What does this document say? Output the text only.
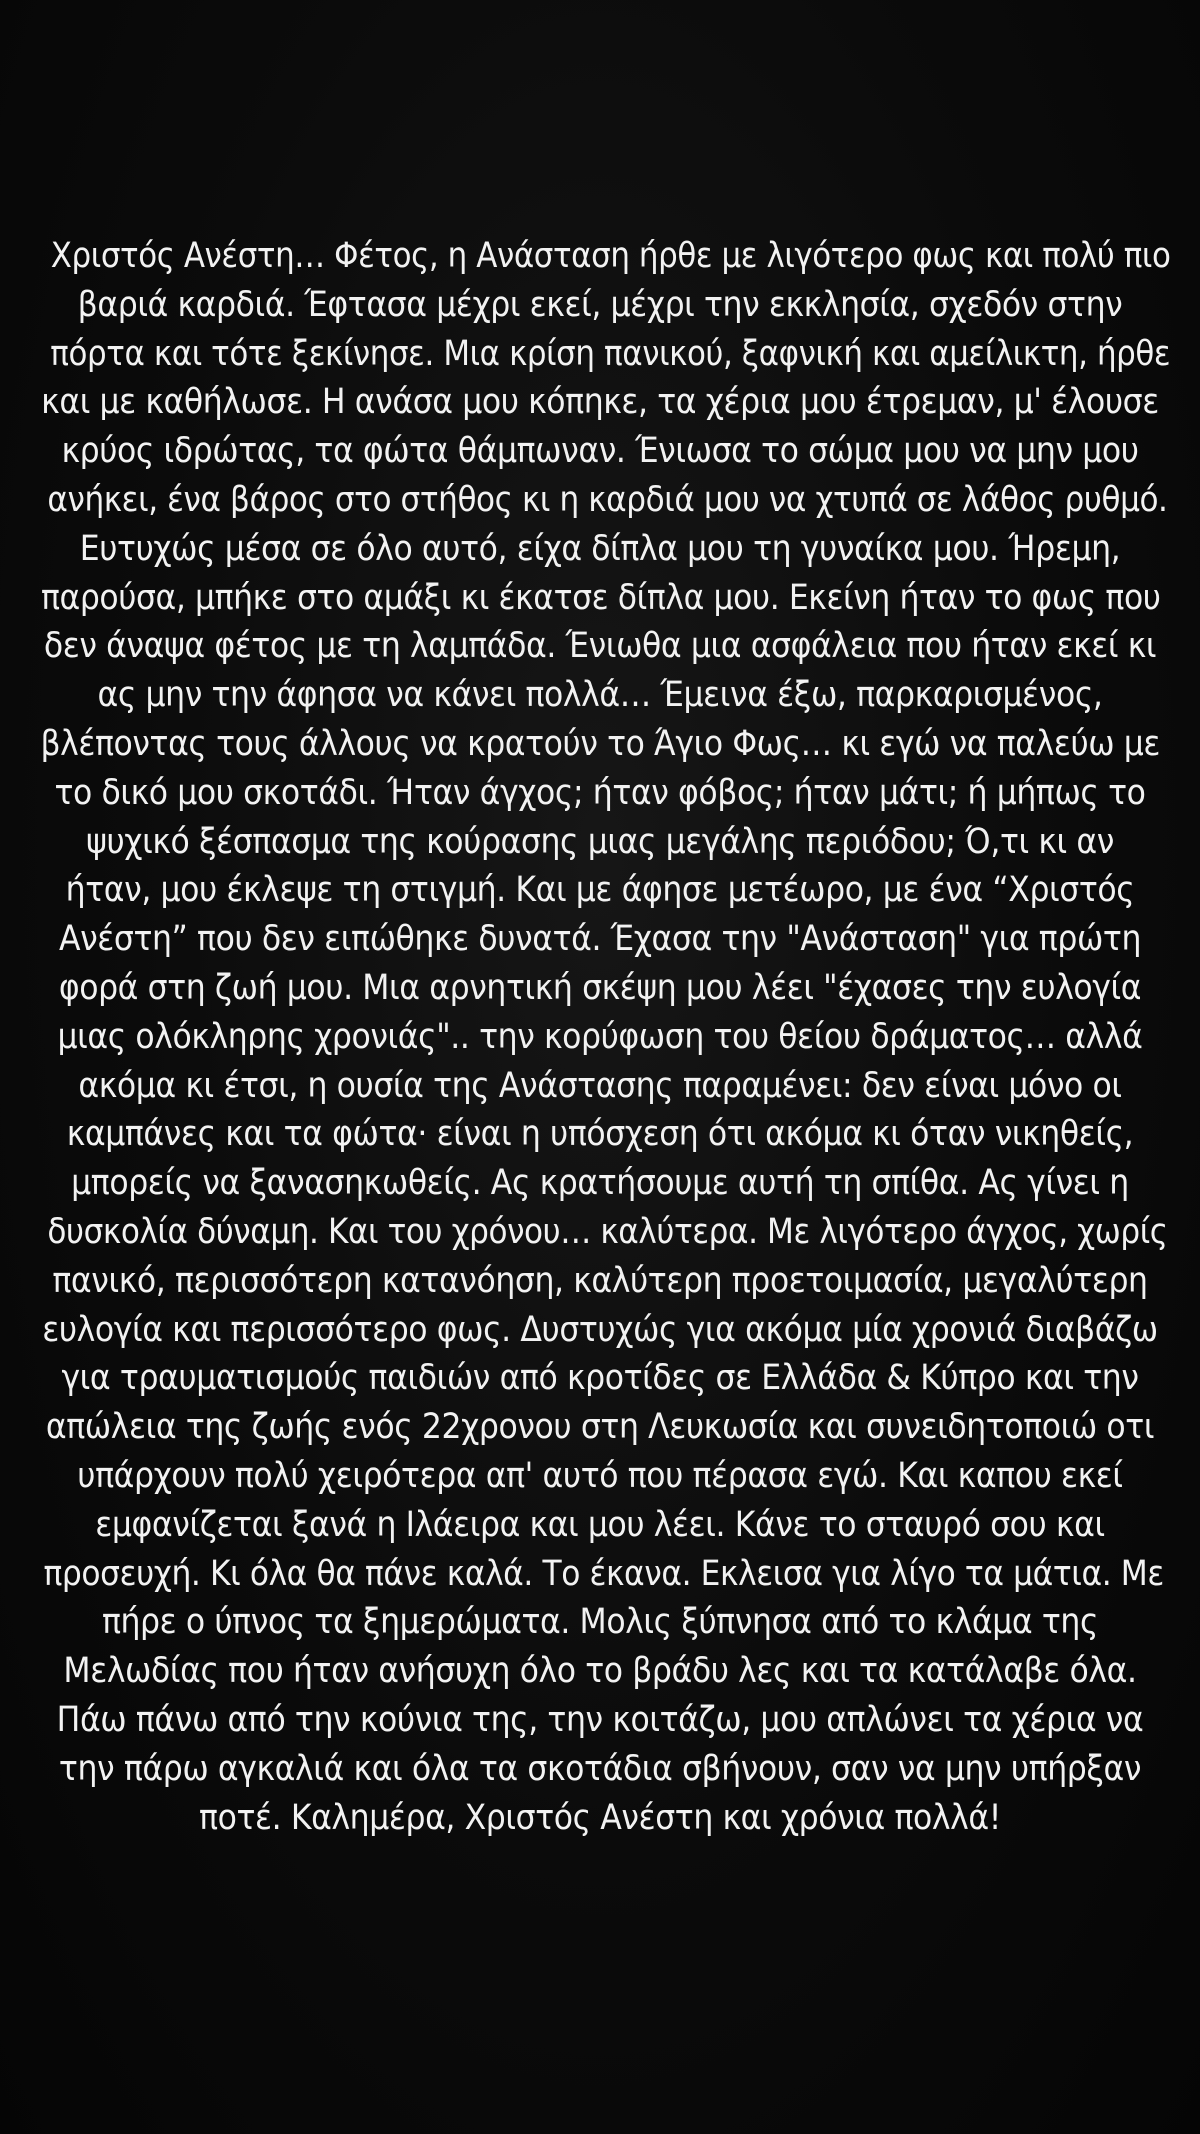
Χριστός Ανέστη… Φέτος, η Ανάσταση ήρθε με λιγότερο φως και πολύ πιο
βαριά καρδιά. Έφτασα μέχρι εκεί, μέχρι την εκκλησία, σχεδόν στην
πόρτα και τότε ξεκίνησε. Μια κρίση πανικού, ξαφνική και αμείλικτη, ήρθε
και με καθήλωσε. Η ανάσα μου κόπηκε, τα χέρια μου έτρεμαν, μ' έλουσε
κρύος ιδρώτας, τα φώτα θάμπωναν. Ένιωσα το σώμα μου να μην μου
ανήκει, ένα βάρος στο στήθος κι η καρδιά μου να χτυπά σε λάθος ρυθμό.
Ευτυχώς μέσα σε όλο αυτό, είχα δίπλα μου τη γυναίκα μου. Ήρεμη,
παρούσα, μπήκε στο αμάξι κι έκατσε δίπλα μου. Εκείνη ήταν το φως που
δεν άναψα φέτος με τη λαμπάδα. Ένιωθα μια ασφάλεια που ήταν εκεί κι
ας μην την άφησα να κάνει πολλά… Έμεινα έξω, παρκαρισμένος,
βλέποντας τους άλλους να κρατούν το Άγιο Φως… κι εγώ να παλεύω με
το δικό μου σκοτάδι. Ήταν άγχος; ήταν φόβος; ήταν μάτι; ή μήπως το
ψυχικό ξέσπασμα της κούρασης μιας μεγάλης περιόδου; Ό,τι κι αν
ήταν, μου έκλεψε τη στιγμή. Και με άφησε μετέωρο, με ένα “Χριστός
Ανέστη” που δεν ειπώθηκε δυνατά. Έχασα την "Ανάσταση" για πρώτη
φορά στη ζωή μου. Μια αρνητική σκέψη μου λέει "έχασες την ευλογία
μιας ολόκληρης χρονιάς".. την κορύφωση του θείου δράματος… αλλά
ακόμα κι έτσι, η ουσία της Ανάστασης παραμένει: δεν είναι μόνο οι
καμπάνες και τα φώτα· είναι η υπόσχεση ότι ακόμα κι όταν νικηθείς,
μπορείς να ξανασηκωθείς. Ας κρατήσουμε αυτή τη σπίθα. Ας γίνει η
δυσκολία δύναμη. Και του χρόνου… καλύτερα. Με λιγότερο άγχος, χωρίς
πανικό, περισσότερη κατανόηση, καλύτερη προετοιμασία, μεγαλύτερη
ευλογία και περισσότερο φως. Δυστυχώς για ακόμα μία χρονιά διαβάζω
για τραυματισμούς παιδιών από κροτίδες σε Ελλάδα & Κύπρο και την
απώλεια της ζωής ενός 22χρονου στη Λευκωσία και συνειδητοποιώ οτι
υπάρχουν πολύ χειρότερα απ' αυτό που πέρασα εγώ. Και καπου εκεί
εμφανίζεται ξανά η Ιλάειρα και μου λέει. Κάνε το σταυρό σου και
προσευχή. Κι όλα θα πάνε καλά. Το έκανα. Εκλεισα για λίγο τα μάτια. Με
πήρε ο ύπνος τα ξημερώματα. Μολις ξύπνησα από το κλάμα της
Μελωδίας που ήταν ανήσυχη όλο το βράδυ λες και τα κατάλαβε όλα.
Πάω πάνω από την κούνια της, την κοιτάζω, μου απλώνει τα χέρια να
την πάρω αγκαλιά και όλα τα σκοτάδια σβήνουν, σαν να μην υπήρξαν
ποτέ. Καλημέρα, Χριστός Ανέστη και χρόνια πολλά!
